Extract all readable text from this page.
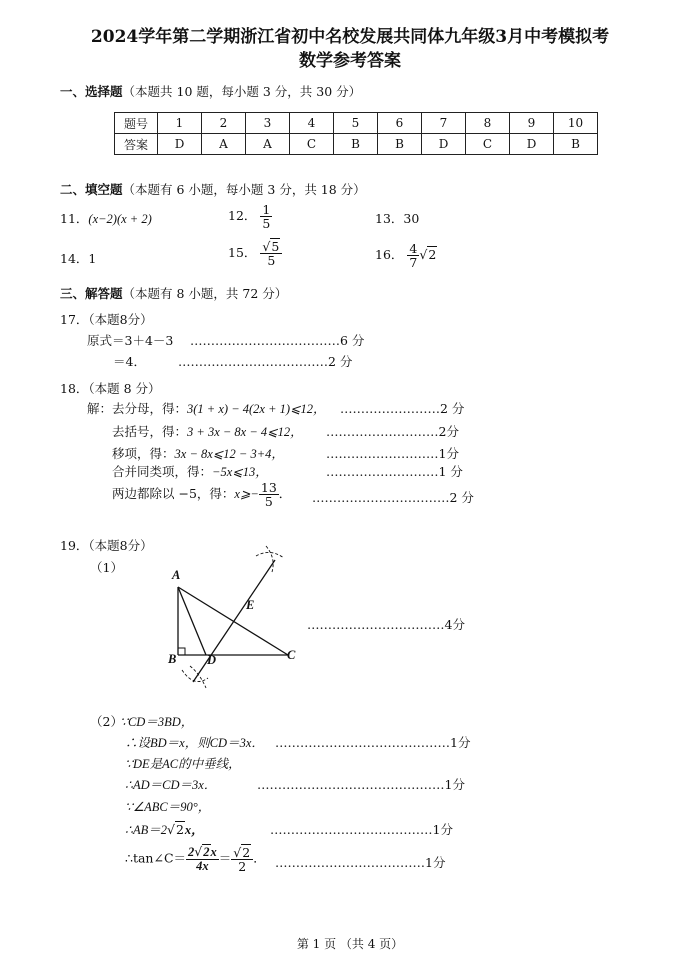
2024学年第二学期浙江省初中名校发展共同体九年级3月中考模拟考
数学参考答案
一、选择题（本题共 10 题，每小题 3 分，共 30 分）
题号	1	2	3	4	5	6	7	8	9	10
答案	D	A	A	C	B	B	D	C	D	B
二、填空题（本题有 6 小题，每小题 3 分，共 18 分）
11．(x−2)(x + 2)	12． $\frac{1}{5}$	13．30
14．1	15． $\frac{√5}{5}$	16． $\frac{4}{7} √2$
三、解答题（本题有 8 小题，共 72 分）
17．（本题8分）
原式＝3＋4－3 ………………………………6 分
＝4．	………………………………2 分
18．（本题 8 分）
解：去分母，得：3(1 + x) − 4(2x + 1)⩽12， ……………………2 分
去括号，得：3 + 3x − 8x − 4⩽12， ………………………2分
移项，得：3x − 8x⩽12 − 3+4，	………………………1分
合并同类项，得：−5x⩽13，	………………………1 分
两边都除以 −5，得：x⩾− $\frac{13}{5}$ ． ……………………………2 分
19．（本题8分）
（1）	A
B	C
D
E
……………………………4分
（2）
∵CD＝3BD，
∴设BD＝x，则CD＝3x． ……………………………………1分
∵DE是AC的中垂线，
∴AD＝CD＝3x．	………………………………………1分
∵∠ABC＝90°，
∴AB＝2√2x，	…………………………………1分
∴tan∠C＝ $\frac{2√2x}{4x} = \frac{√2}{2}$ ． ………………………………1分
第 1 页 （共 4 页）
